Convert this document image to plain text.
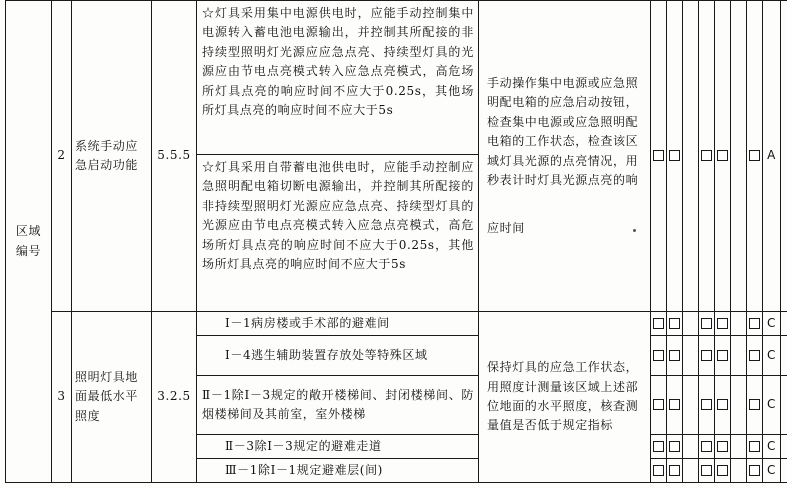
区域编号	2	系统手动应急启动功能	5.5.5	☆灯具采用集中电源供电时，应能手动控制集中电源转入蓄电池电源输出，并控制其所配接的非持续型照明灯光源应应急点亮、持续型灯具的光源应由节电点亮模式转入应急点亮模式，高危场所灯具点亮的响应时间不应大于0.25s，其他场所灯具点亮的响应时间不应大于5s	手动操作集中电源或应急照明配电箱的应急启动按钮，检查集中电源或应急照明配电箱的工作状态，检查该区域灯具光源的点亮情况，用秒表计时灯具光源点亮的响应时间								A		
				☆灯具采用自带蓄电池供电时，应能手动控制应急照明配电箱切断电源输出，并控制其所配接的非持续型照明灯光源应应急点亮、持续型灯具的光源应由节电点亮模式转入应急点亮模式，高危场所灯具点亮的响应时间不应大于0.25s，其他场所灯具点亮的响应时间不应大于5s											
	3	照明灯具地面最低水平照度	3.2.5	Ⅰ－1病房楼或手术部的避难间	保持灯具的应急工作状态，用照度计测量该区域上述部位地面的水平照度，核查测量值是否低于规定指标								C		
				Ⅰ－4逃生辅助装置存放处等特殊区域									C		
				Ⅱ－1除Ⅰ－3规定的敞开楼梯间、封闭楼梯间、防烟楼梯间及其前室，室外楼梯									C		
				Ⅱ－3除Ⅰ－3规定的避难走道									C		
				Ⅲ－1除Ⅰ－1规定避难层(间)									C		
